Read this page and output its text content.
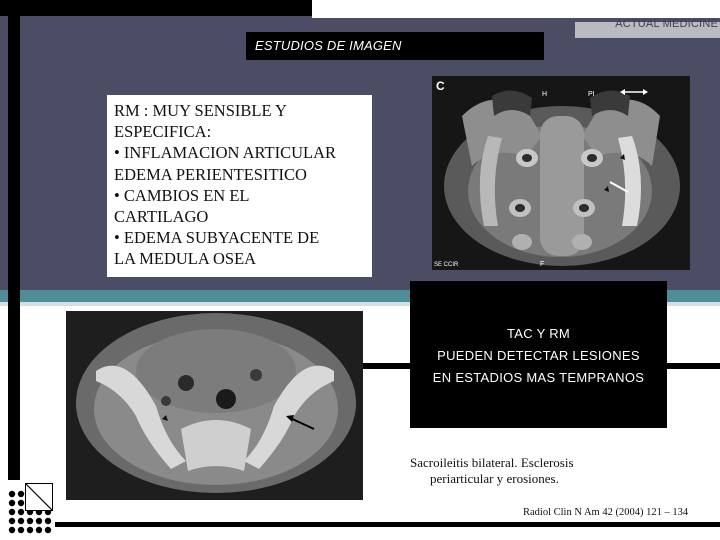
ACTUAL MEDICINE
ESTUDIOS DE IMAGEN
RM : MUY SENSIBLE Y
ESPECIFICA:
• INFLAMACION ARTICULAR
EDEMA PERIENTESITICO
• CAMBIOS EN EL
CARTILAGO
• EDEMA SUBYACENTE DE
LA MEDULA OSEA
C
H	PI
SE CCIR	F
TAC Y RM
PUEDEN DETECTAR LESIONES
EN ESTADIOS MAS TEMPRANOS
Sacroileitis bilateral. Esclerosis
periarticular y erosiones.
Radiol Clin N Am 42 (2004) 121 – 134
